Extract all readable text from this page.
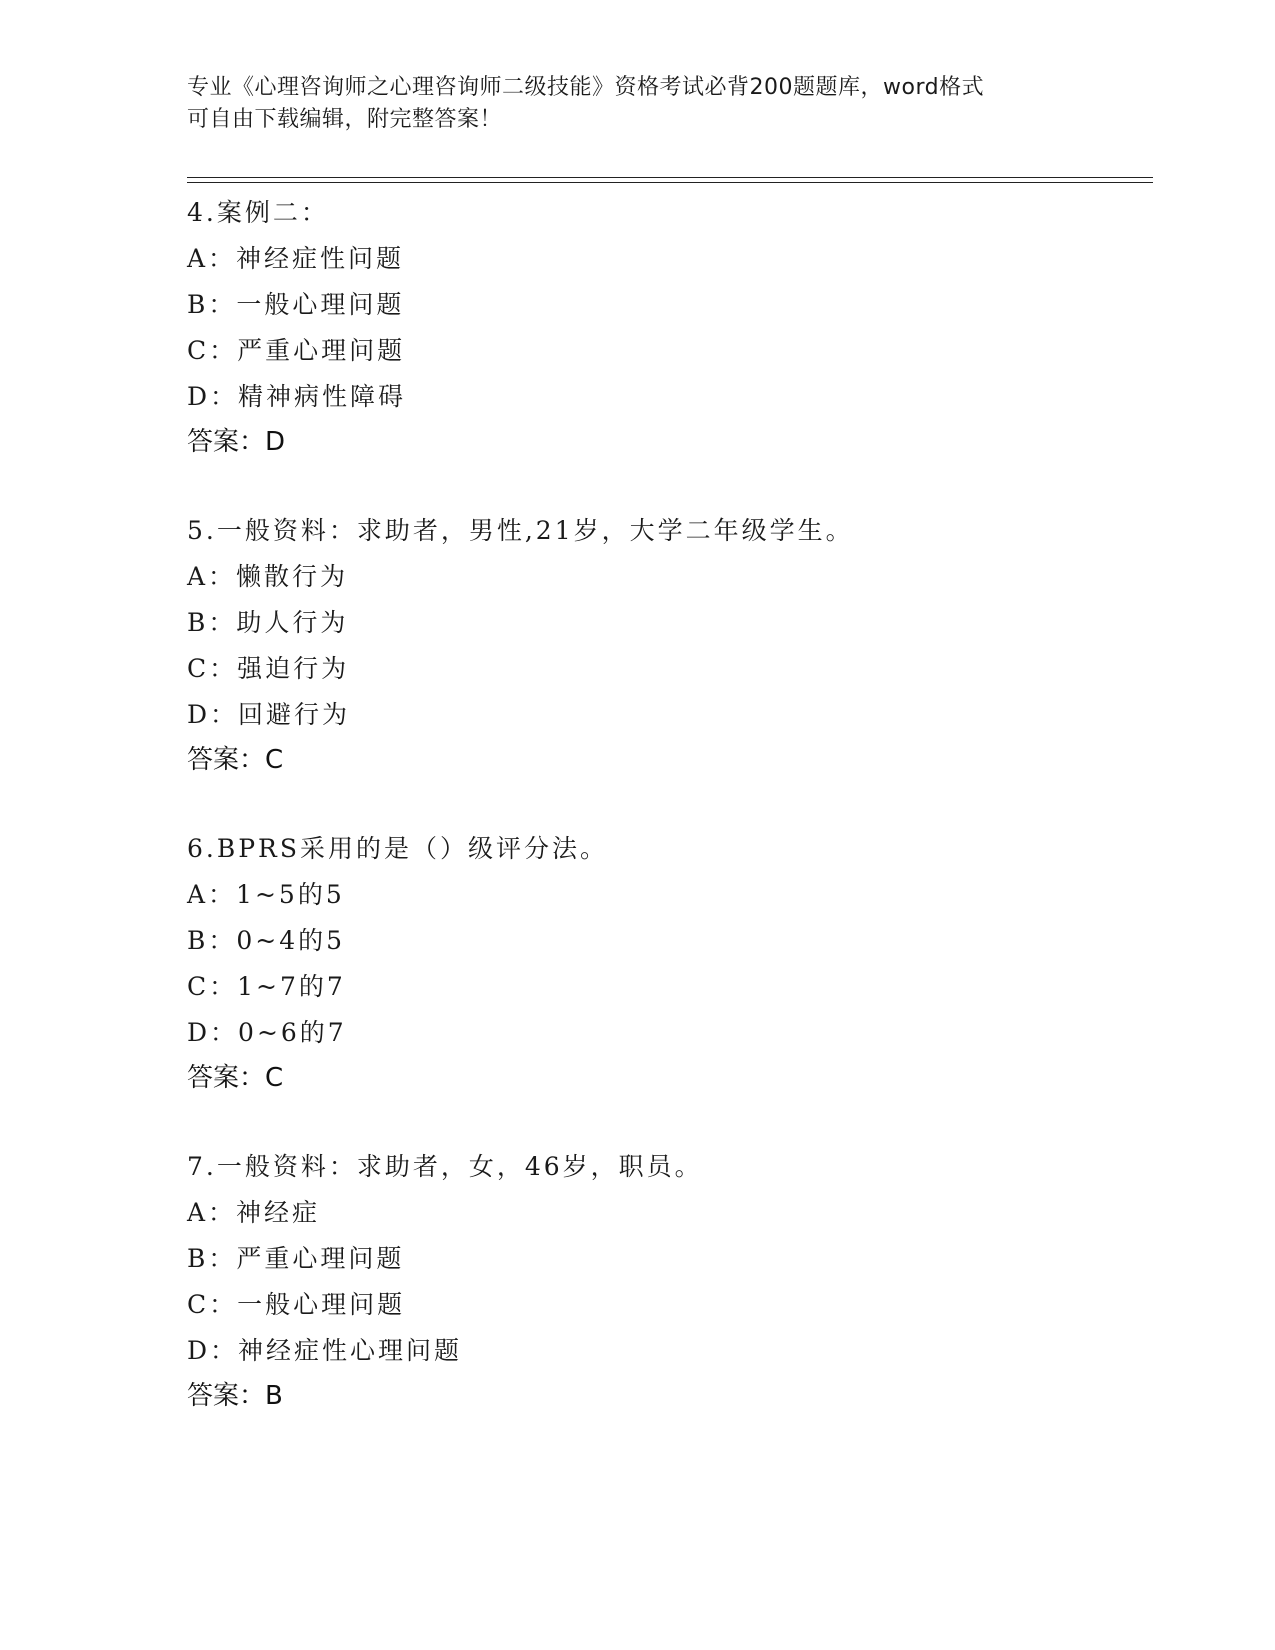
专业《心理咨询师之心理咨询师二级技能》资格考试必背200题题库，word格式
可自由下载编辑，附完整答案！
4.案例二：
A：神经症性问题
B：一般心理问题
C：严重心理问题
D：精神病性障碍
答案：D
5.一般资料：求助者，男性,21岁，大学二年级学生。
A：懒散行为
B：助人行为
C：强迫行为
D：回避行为
答案：C
6.BPRS采用的是（）级评分法。
A：1~5的5
B：0~4的5
C：1~7的7
D：0~6的7
答案：C
7.一般资料：求助者，女，46岁，职员。
A：神经症
B：严重心理问题
C：一般心理问题
D：神经症性心理问题
答案：B
